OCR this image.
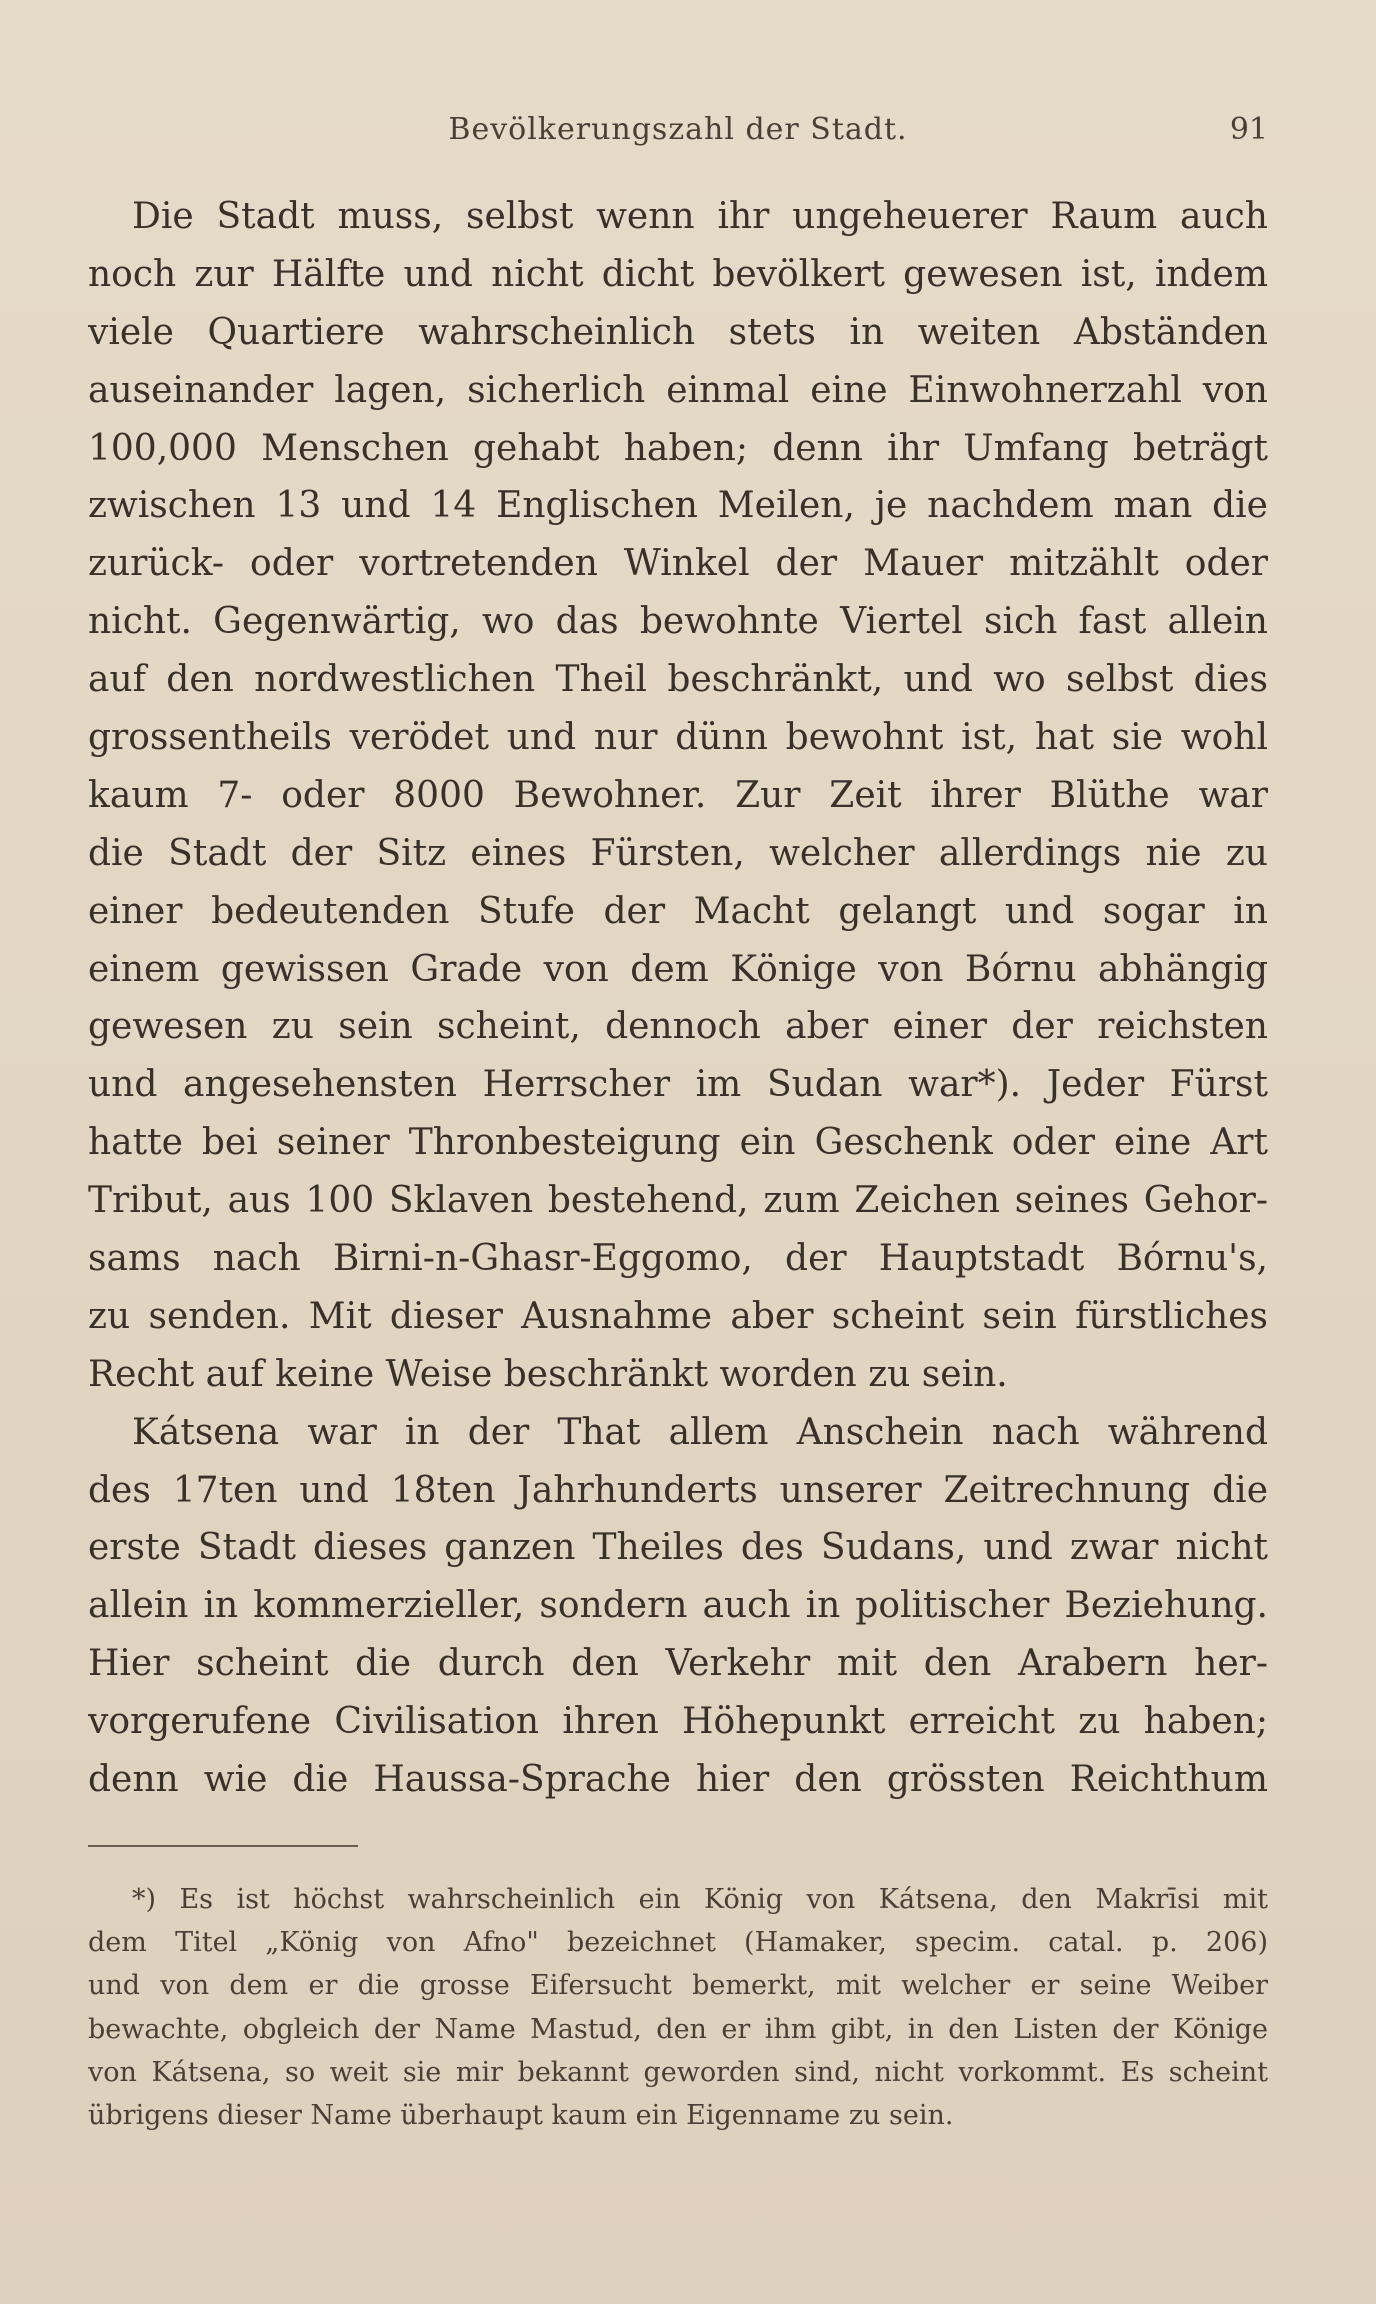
Bevölkerungszahl der Stadt.	91
Die Stadt muss, selbst wenn ihr ungeheuerer Raum auch
noch zur Hälfte und nicht dicht bevölkert gewesen ist, indem
viele Quartiere wahrscheinlich stets in weiten Abständen
auseinander lagen, sicherlich einmal eine Einwohnerzahl von
100,000 Menschen gehabt haben; denn ihr Umfang beträgt
zwischen 13 und 14 Englischen Meilen, je nachdem man die
zurück- oder vortretenden Winkel der Mauer mitzählt oder
nicht. Gegenwärtig, wo das bewohnte Viertel sich fast allein
auf den nordwestlichen Theil beschränkt, und wo selbst dies
grossentheils verödet und nur dünn bewohnt ist, hat sie wohl
kaum 7- oder 8000 Bewohner. Zur Zeit ihrer Blüthe war
die Stadt der Sitz eines Fürsten, welcher allerdings nie zu
einer bedeutenden Stufe der Macht gelangt und sogar in
einem gewissen Grade von dem Könige von Bórnu abhängig
gewesen zu sein scheint, dennoch aber einer der reichsten
und angesehensten Herrscher im Sudan war*). Jeder Fürst
hatte bei seiner Thronbesteigung ein Geschenk oder eine Art
Tribut, aus 100 Sklaven bestehend, zum Zeichen seines Gehor-
sams nach Birni-n-Ghasr-Eggomo, der Hauptstadt Bórnu's,
zu senden. Mit dieser Ausnahme aber scheint sein fürstliches
Recht auf keine Weise beschränkt worden zu sein.
Kátsena war in der That allem Anschein nach während
des 17ten und 18ten Jahrhunderts unserer Zeitrechnung die
erste Stadt dieses ganzen Theiles des Sudans, und zwar nicht
allein in kommerzieller, sondern auch in politischer Beziehung.
Hier scheint die durch den Verkehr mit den Arabern her-
vorgerufene Civilisation ihren Höhepunkt erreicht zu haben;
denn wie die Haussa-Sprache hier den grössten Reichthum
*) Es ist höchst wahrscheinlich ein König von Kátsena, den Makrīsi mit
dem Titel „König von Afno" bezeichnet (Hamaker, specim. catal. p. 206)
und von dem er die grosse Eifersucht bemerkt, mit welcher er seine Weiber
bewachte, obgleich der Name Mastud, den er ihm gibt, in den Listen der Könige
von Kátsena, so weit sie mir bekannt geworden sind, nicht vorkommt. Es scheint
übrigens dieser Name überhaupt kaum ein Eigenname zu sein.
